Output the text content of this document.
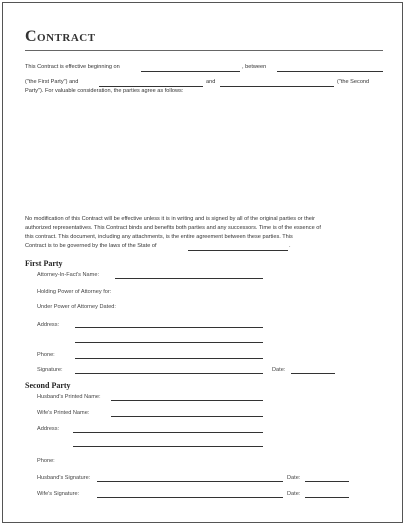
Contract
This Contract is effective beginning on	, between
("the First Party") and	and	("the Second
Party"). For valuable consideration, the parties agree as follows:
No modification of this Contract will be effective unless it is in writing and is signed by all of the original parties or their
authorized representatives. This Contract binds and benefits both parties and any successors. Time is of the essence of
this contract. This document, including any attachments, is the entire agreement between these parties. This
Contract is to be governed by the laws of the State of	.
First Party
Attorney-In-Fact's Name:
Holding Power of Attorney for:
Under Power of Attorney Dated:
Address:
Phone:
Signature:	Date:
Second Party
Husband's Printed Name:
Wife's Printed Name:
Address:
Phone:
Husband's Signature:	Date:
Wife's Signature:	Date:
